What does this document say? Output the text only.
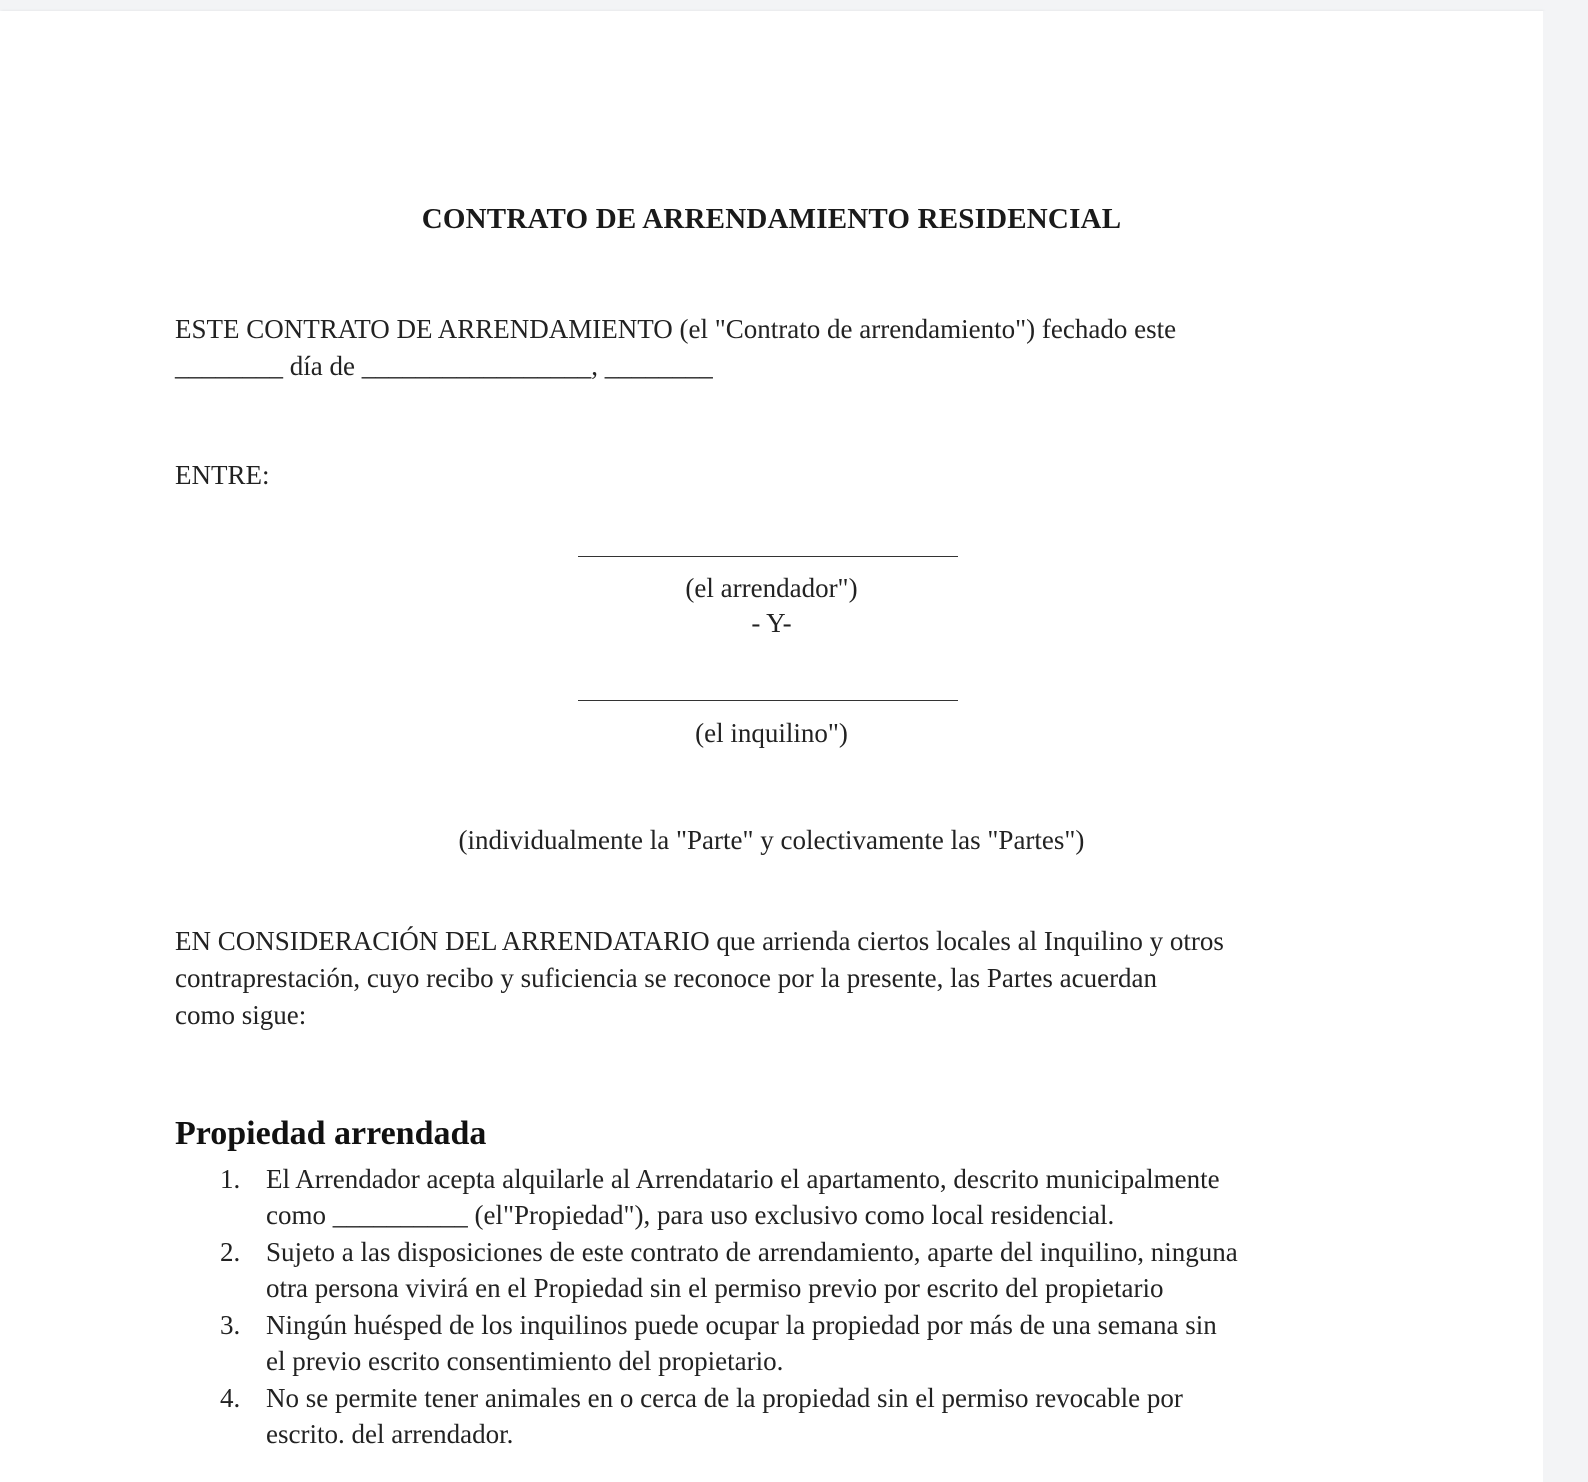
CONTRATO DE ARRENDAMIENTO RESIDENCIAL
ESTE CONTRATO DE ARRENDAMIENTO (el "Contrato de arrendamiento") fechado este
________ día de _________________, ________
ENTRE:
(el arrendador")
- Y-
(el inquilino")
(individualmente la "Parte" y colectivamente las "Partes")
EN CONSIDERACIÓN DEL ARRENDATARIO que arrienda ciertos locales al Inquilino y otros
contraprestación, cuyo recibo y suficiencia se reconoce por la presente, las Partes acuerdan
como sigue:
Propiedad arrendada
1. El Arrendador acepta alquilarle al Arrendatario el apartamento, descrito municipalmente
como __________ (el"Propiedad"), para uso exclusivo como local residencial.
2. Sujeto a las disposiciones de este contrato de arrendamiento, aparte del inquilino, ninguna
otra persona vivirá en el Propiedad sin el permiso previo por escrito del propietario
3. Ningún huésped de los inquilinos puede ocupar la propiedad por más de una semana sin
el previo escrito consentimiento del propietario.
4. No se permite tener animales en o cerca de la propiedad sin el permiso revocable por
escrito. del arrendador.
